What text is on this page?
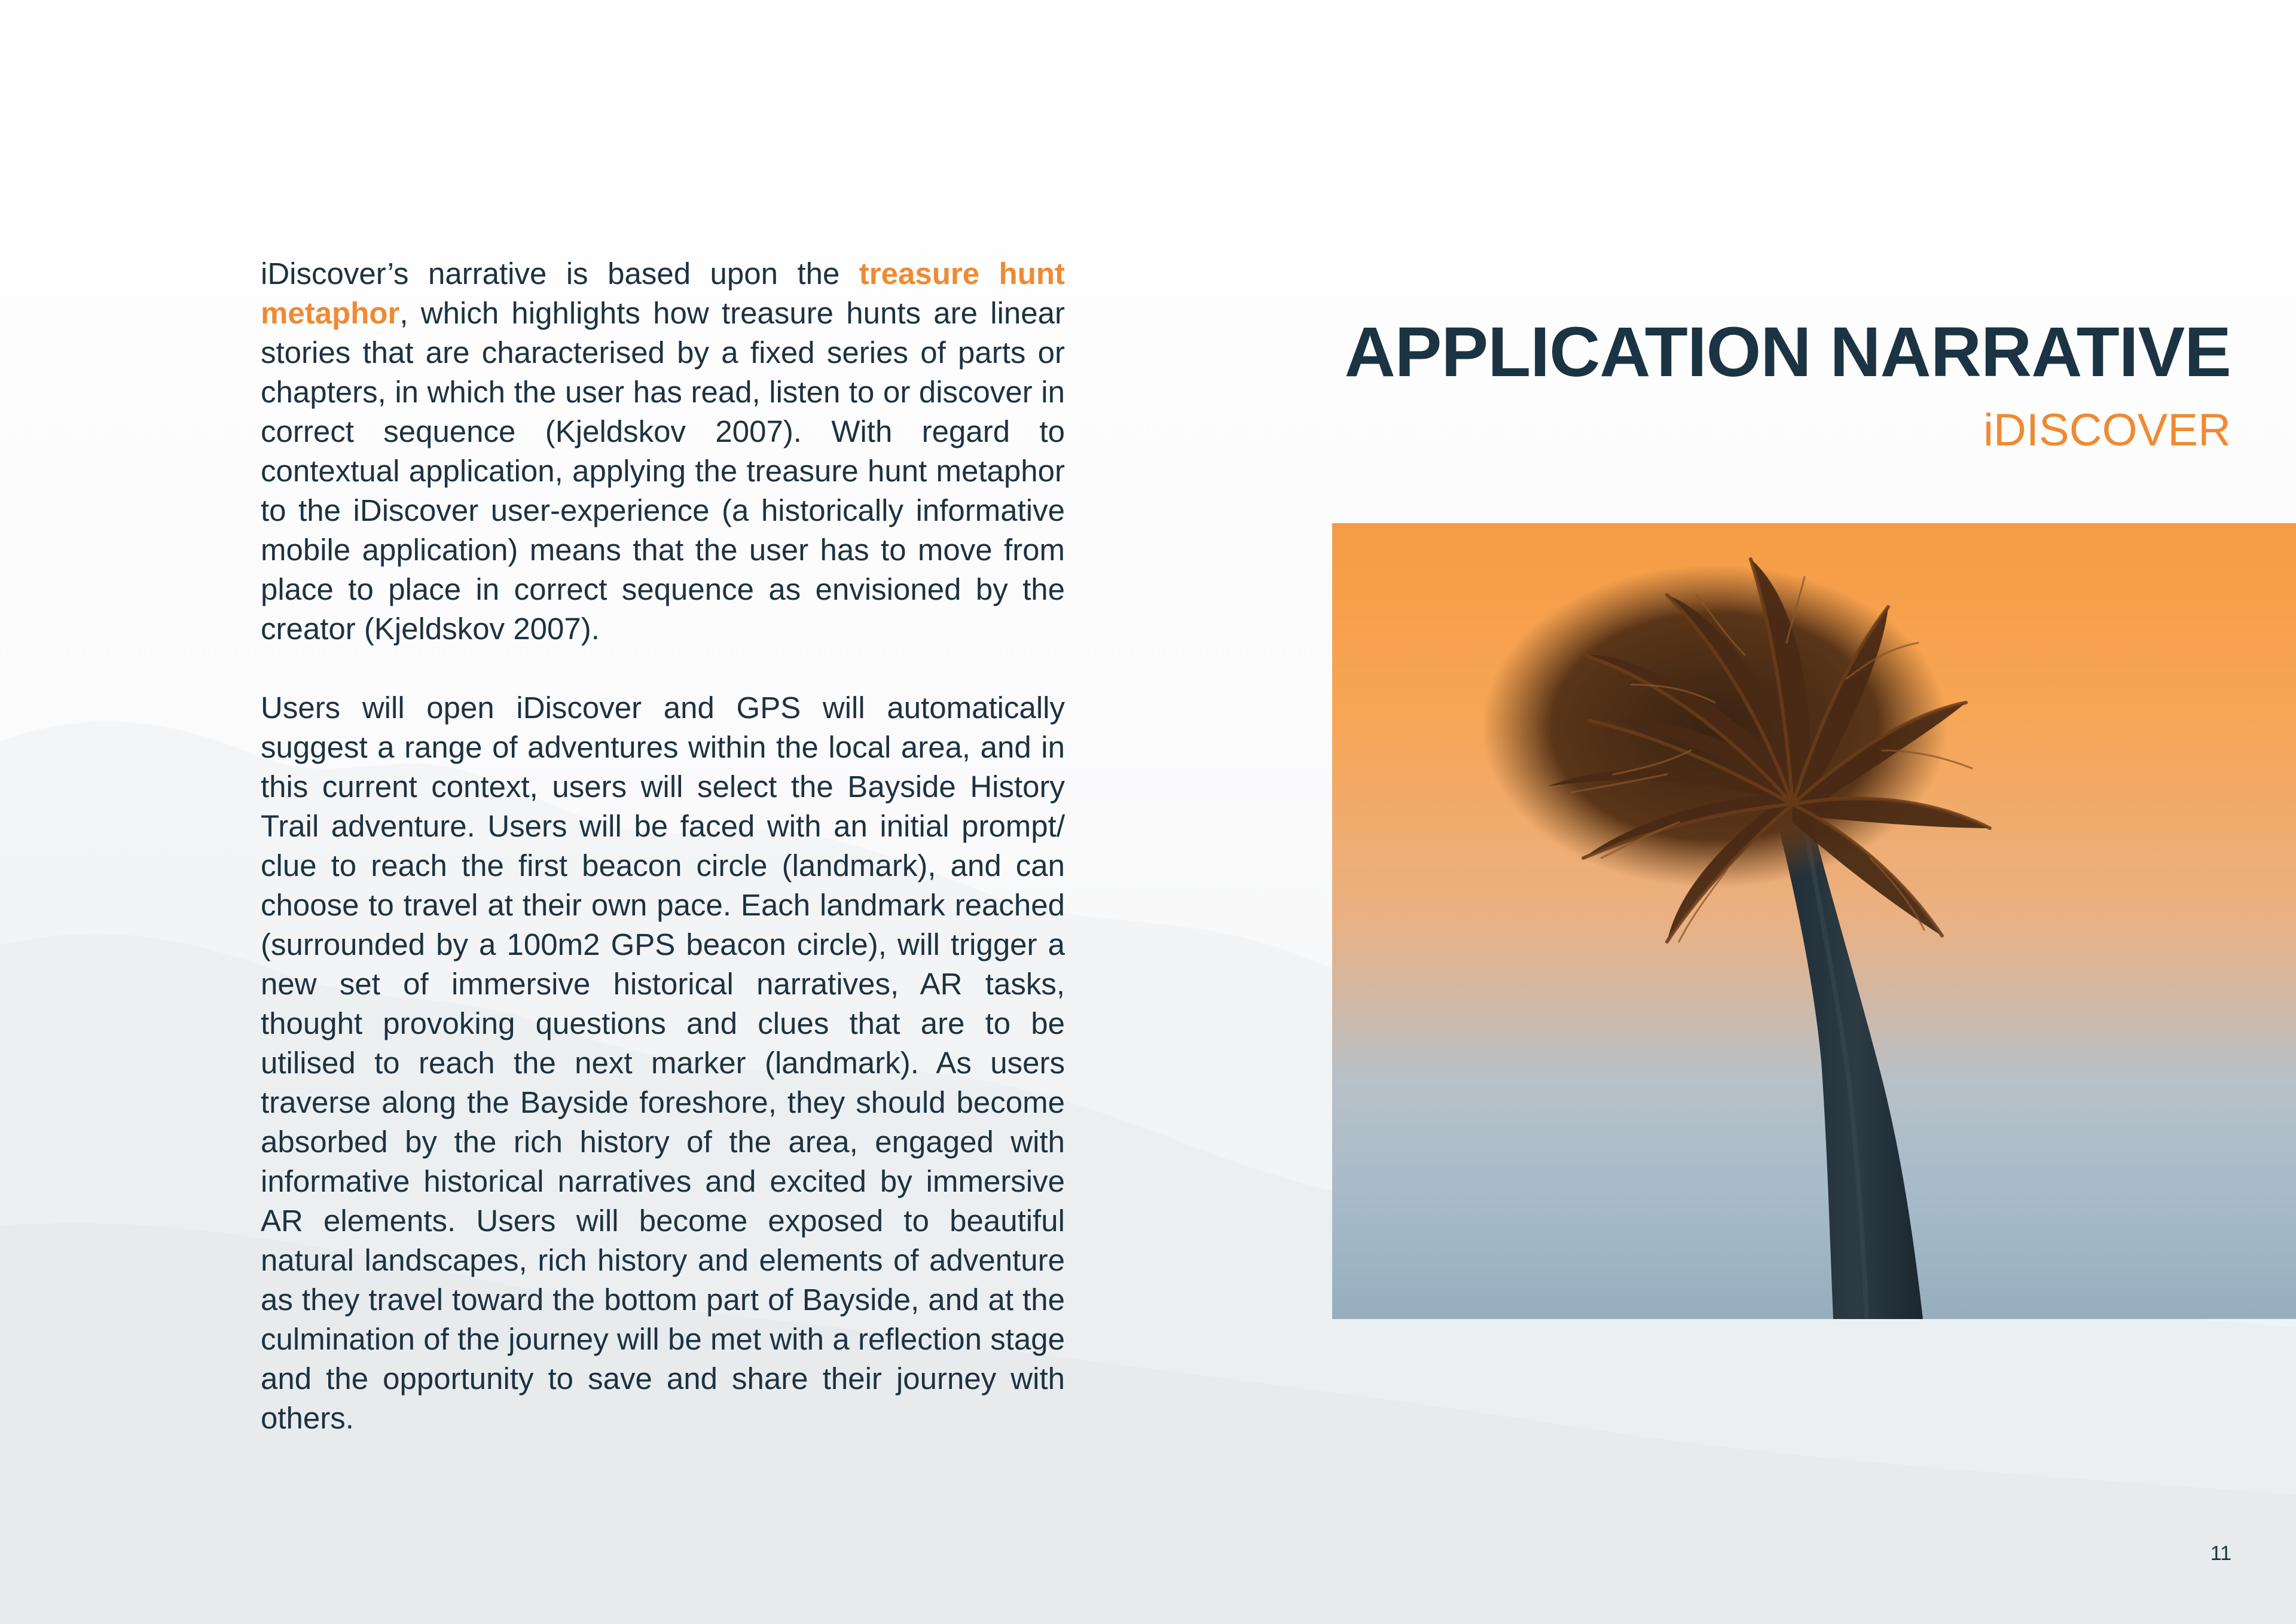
iDiscover’s narrative is based upon the treasure hunt metaphor, which highlights how treasure hunts are linear stories that are characterised by a fixed series of parts or chapters, in which the user has read, listen to or discover in correct sequence (Kjeldskov 2007). With regard to contextual application, applying the treasure hunt metaphor to the iDiscover user-experience (a historically informative mobile application) means that the user has to move from place to place in correct sequence as envisioned by the creator (Kjeldskov 2007).

Users will open iDiscover and GPS will automatically suggest a range of adventures within the local area, and in this current context, users will select the Bayside History Trail adventure. Users will be faced with an initial prompt/ clue to reach the first beacon circle (landmark), and can choose to travel at their own pace. Each landmark reached (surrounded by a 100m2 GPS beacon circle), will trigger a new set of immersive historical narratives, AR tasks, thought provoking questions and clues that are to be utilised to reach the next marker (landmark). As users traverse along the Bayside foreshore, they should become absorbed by the rich history of the area, engaged with informative historical narratives and excited by immersive AR elements. Users will become exposed to beautiful natural landscapes, rich history and elements of adventure as they travel toward the bottom part of Bayside, and at the culmination of the journey will be met with a reflection stage and the opportunity to save and share their journey with others.

APPLICATION NARRATIVE
iDISCOVER
11
